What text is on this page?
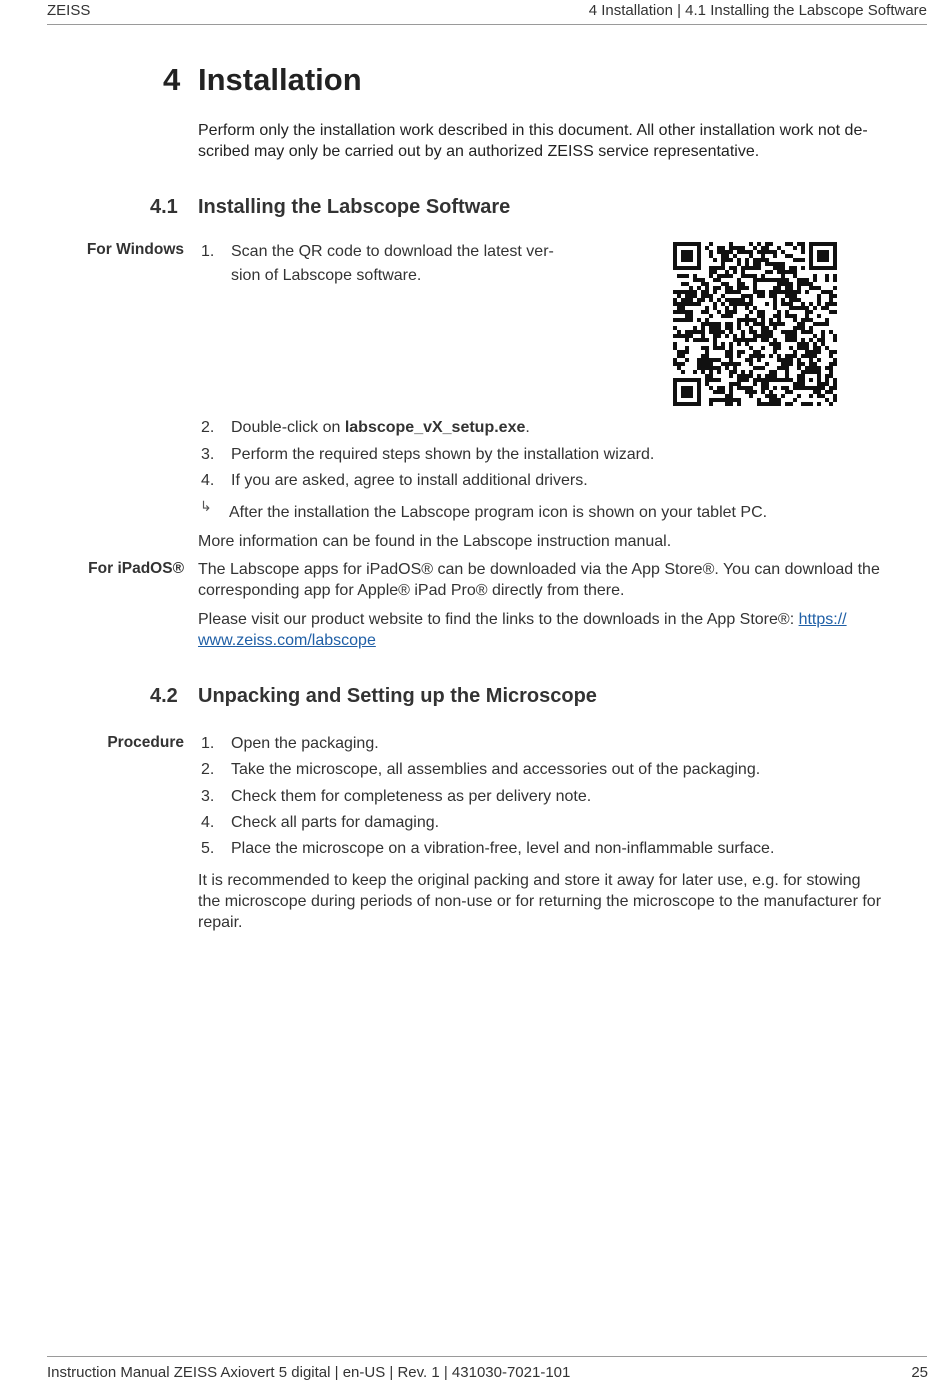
ZEISS	4 Installation | 4.1 Installing the Labscope Software
4 Installation
Perform only the installation work described in this document. All other installation work not de-
scribed may only be carried out by an authorized ZEISS service representative.
4.1 Installing the Labscope Software
For Windows 1.	Scan the QR code to download the latest ver-
sion of Labscope software.
2.	Double-click on labscope_vX_setup.exe.
3.	Perform the required steps shown by the installation wizard.
4.	If you are asked, agree to install additional drivers.
↳ After the installation the Labscope program icon is shown on your tablet PC.
More information can be found in the Labscope instruction manual.
For iPadOS® The Labscope apps for iPadOS® can be downloaded via the App Store®. You can download the
corresponding app for Apple® iPad Pro® directly from there.
Please visit our product website to find the links to the downloads in the App Store®: https://
www.zeiss.com/labscope
4.2 Unpacking and Setting up the Microscope
Procedure 1.	Open the packaging.
2.	Take the microscope, all assemblies and accessories out of the packaging.
3.	Check them for completeness as per delivery note.
4.	Check all parts for damaging.
5.	Place the microscope on a vibration-free, level and non-inflammable surface.
It is recommended to keep the original packing and store it away for later use, e.g. for stowing
the microscope during periods of non-use or for returning the microscope to the manufacturer for
repair.
Instruction Manual ZEISS Axiovert 5 digital | en-US | Rev. 1 | 431030-7021-101	25
